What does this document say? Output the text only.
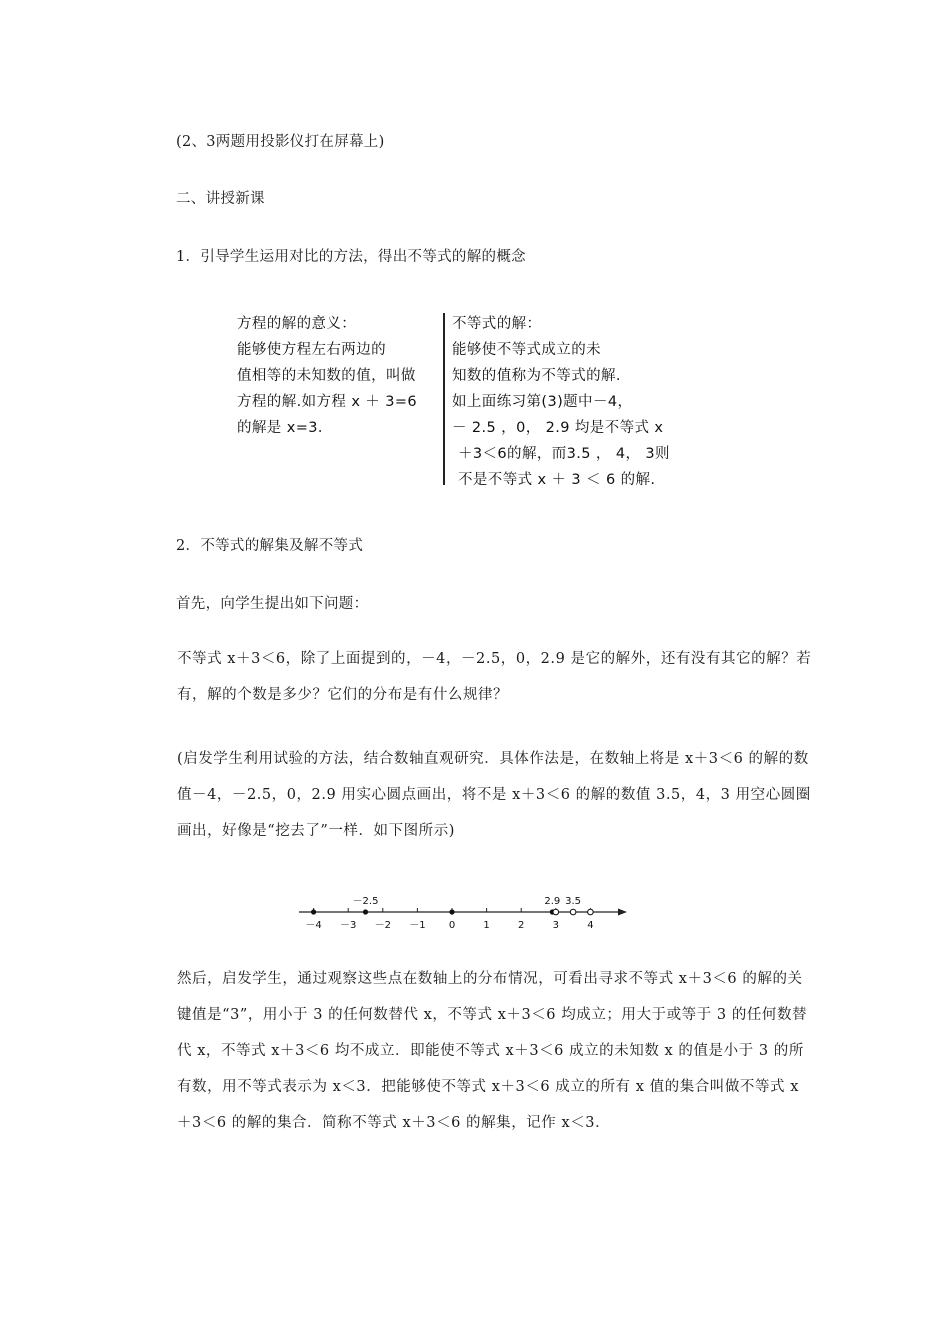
(2、3两题用投影仪打在屏幕上)
二、讲授新课
1．引导学生运用对比的方法，得出不等式的解的概念
方程的解的意义：
能够使方程左右两边的
值相等的未知数的值，叫做
方程的解.如方程 x ＋ 3=6
的解是 x=3．
不等式的解：
能够使不等式成立的未
知数的值称为不等式的解.
如上面练习第(3)题中－4，
－ 2.5 ，0， 2.9 均是不等式 x
＋3＜6的解，而3.5 ， 4， 3则
不是不等式 x ＋ 3 ＜ 6 的解.
2．不等式的解集及解不等式
首先，向学生提出如下问题：

不等式 x＋3＜6，除了上面提到的，－4，－2.5，0，2.9 是它的解外，还有没有其它的解？若有，解的个数是多少？它们的分布是有什么规律？

(启发学生利用试验的方法，结合数轴直观研究．具体作法是，在数轴上将是 x＋3＜6 的解的数值－4，－2.5，0，2.9 用实心圆点画出，将不是 x＋3＜6 的解的数值 3.5，4，3 用空心圆圈画出，好像是“挖去了”一样．如下图所示)

－4 －3 －2 －1 0	1	2	3	4
－2.5	2.9 3.5

然后，启发学生，通过观察这些点在数轴上的分布情况，可看出寻求不等式 x＋3＜6 的解的关键值是“3”，用小于 3 的任何数替代 x，不等式 x＋3＜6 均成立；用大于或等于 3 的任何数替代 x，不等式 x＋3＜6 均不成立．即能使不等式 x＋3＜6 成立的未知数 x 的值是小于 3 的所有数，用不等式表示为 x＜3．把能够使不等式 x＋3＜6 成立的所有 x 值的集合叫做不等式 x＋3＜6 的解的集合．简称不等式 x＋3＜6 的解集，记作 x＜3．
